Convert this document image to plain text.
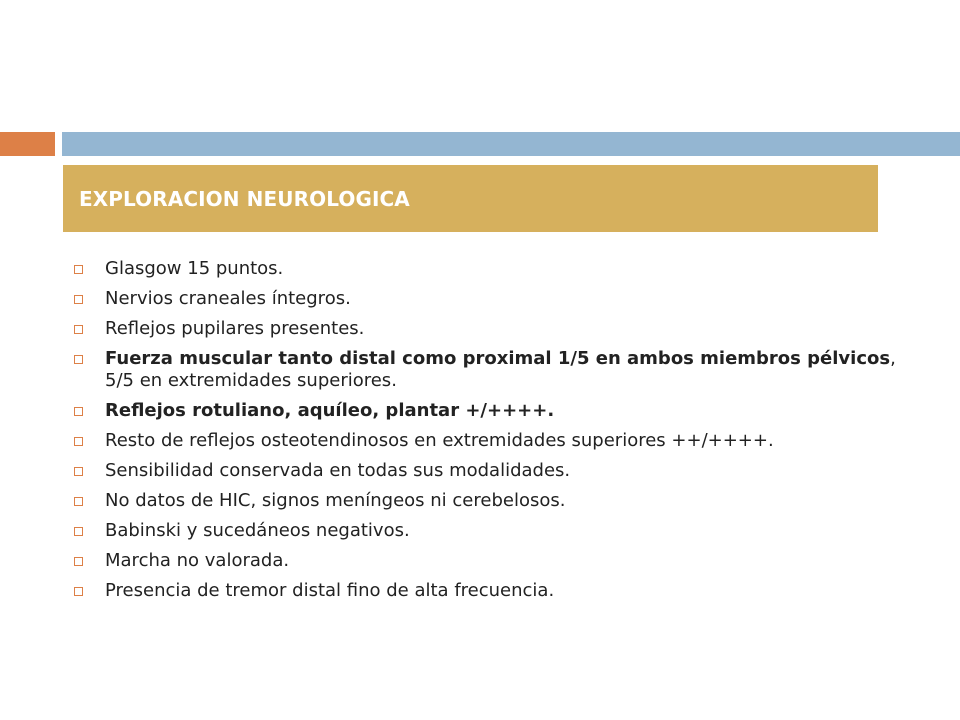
EXPLORACION NEUROLOGICA
Glasgow 15 puntos.
Nervios craneales íntegros.
Reflejos pupilares presentes.
Fuerza muscular tanto distal como proximal 1/5 en ambos miembros pélvicos, 5/5 en extremidades superiores.
Reflejos rotuliano, aquíleo, plantar +/++++.
Resto de reflejos osteotendinosos en extremidades superiores ++/++++.
Sensibilidad conservada en todas sus modalidades.
No datos de HIC, signos meníngeos ni cerebelosos.
Babinski y sucedáneos negativos.
Marcha no valorada.
Presencia de tremor distal fino de alta frecuencia.
